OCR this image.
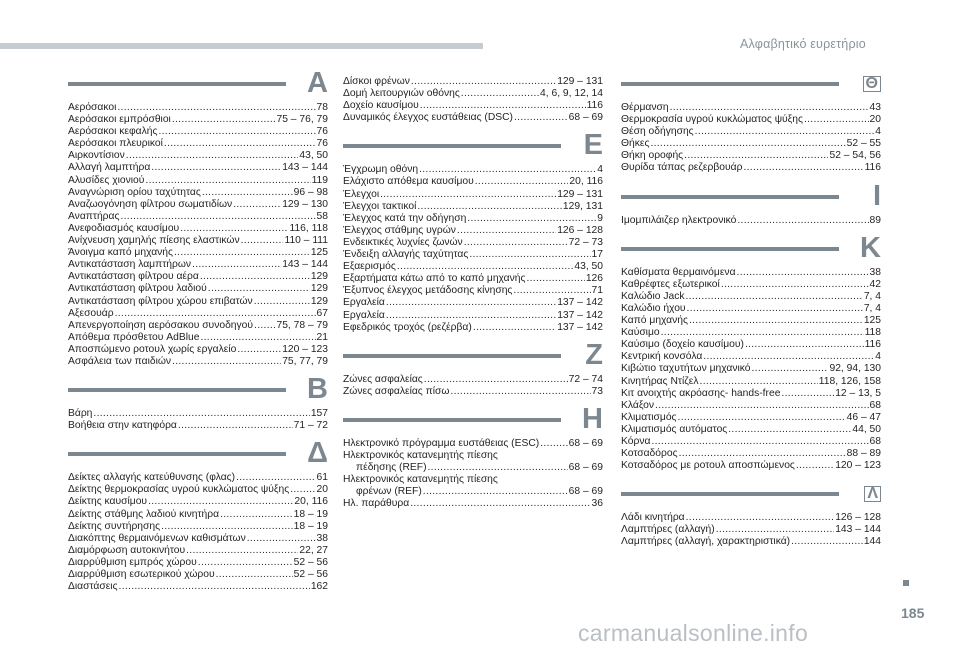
Αλφαβητικό ευρετήριο
A
Αερόσακοι .....	78
Αερόσακοι εμπρόσθιοι .....	75 – 76, 79
Αερόσακοι κεφαλής .....	76
Αερόσακοι πλευρικοί .....	76
Αιρκοντίσιον .....	43, 50
Αλλαγή λαμπτήρα .....	143 – 144
Αλυσίδες χιονιού .....	119
Αναγνώριση ορίου ταχύτητας .....	96 – 98
Αναζωογόνηση φίλτρου σωματιδίων .....	129 – 130
Αναπτήρας .....	58
Ανεφοδιασμός καυσίμου .....	116, 118
Ανίχνευση χαμηλής πίεσης ελαστικών .....	110 – 111
Άνοιγμα καπό μηχανής .....	125
Αντικατάσταση λαμπτήρων .....	143 – 144
Αντικατάσταση φίλτρου αέρα .....	129
Αντικατάσταση φίλτρου λαδιού .....	129
Αντικατάσταση φίλτρου χώρου επιβατών .....	129
Αξεσουάρ .....	67
Απενεργοποίηση αερόσακου συνοδηγού ..... 75, 78 – 79
Απόθεμα πρόσθετου AdBlue .....	21
Αποσπώμενο ροτουλ χωρίς εργαλείο .....	120 – 123
Ασφάλεια των παιδιών .....	75, 77, 79
B
Βάρη .....	157
Βοήθεια στην κατηφόρα .....	71 – 72
Δ
Δείκτες αλλαγής κατεύθυνσης (φλας) .....	61
Δείκτης θερμοκρασίας υγρού κυκλώματος ψύξης .....	20
Δείκτης καυσίμου .....	20, 116
Δείκτης στάθμης λαδιού κινητήρα .....	18 – 19
Δείκτης συντήρησης .....	18 – 19
Διακόπτης θερμαινόμενων καθισμάτων .....	38
Διαμόρφωση αυτοκινήτου .....	22, 27
Διαρρύθμιση εμπρός χώρου .....	52 – 56
Διαρρύθμιση εσωτερικού χώρου .....	52 – 56
Διαστάσεις .....	162
Δίσκοι φρένων .....	129 – 131
Δομή λειτουργιών οθόνης .....	4, 6, 9, 12, 14
Δοχείο καυσίμου .....	116
Δυναμικός έλεγχος ευστάθειας (DSC) .....	68 – 69
E
Έγχρωμη οθόνη .....	4
Ελάχιστο απόθεμα καυσίμου .....	20, 116
Έλεγχοι .....	129 – 131
Έλεγχοι τακτικοί .....	129, 131
Έλεγχος κατά την οδήγηση .....	9
Έλεγχος στάθμης υγρών .....	126 – 128
Ενδεικτικές λυχνίες ζωνών .....	72 – 73
Ένδειξη αλλαγής ταχύτητας .....	17
Εξαερισμός .....	43, 50
Εξαρτήματα κάτω από το καπό μηχανής .....	126
Έξυπνος έλεγχος μετάδοσης κίνησης .....	71
Εργαλεία .....	137 – 142
Εργαλεία .....	137 – 142
Εφεδρικός τροχός (ρεζέρβα) .....	137 – 142
Z
Ζώνες ασφαλείας .....	72 – 74
Ζώνες ασφαλείας πίσω .....	73
H
Ηλεκτρονικό πρόγραμμα ευστάθειας (ESC) .....	68 – 69
Ηλεκτρονικός κατανεμητής πίεσης
πέδησης (REF) .....	68 – 69
Ηλεκτρονικός κατανεμητής πίεσης
φρένων (REF) .....	68 – 69
Ηλ. παράθυρα .....	36
Θ
Θέρμανση .....	43
Θερμοκρασία υγρού κυκλώματος ψύξης .....	20
Θέση οδήγησης .....	4
Θήκες .....	52 – 55
Θήκη οροφής .....	52 – 54, 56
Θυρίδα τάπας ρεζερβουάρ .....	116
I
Ιμομπιλάιζερ ηλεκτρονικό .....	89
K
Καθίσματα θερμαινόμενα .....	38
Καθρέφτες εξωτερικοί .....	42
Καλώδιο Jack .....	7, 4
Καλώδιο ήχου .....	7, 4
Καπό μηχανής .....	125
Καύσιμο .....	118
Καύσιμο (δοχείο καυσίμου) .....	116
Κεντρική κονσόλα .....	4
Κιβώτιο ταχυτήτων μηχανικό .....	92, 94, 130
Κινητήρας Ντίζελ .....	118, 126, 158
Κιτ ανοιχτής ακρόασης- hands-free .....	12 – 13, 5
Κλάξον .....	68
Κλιματισμός .....	46 – 47
Κλιματισμός αυτόματος .....	44, 50
Κόρνα .....	68
Κοτσαδόρος .....	88 – 89
Κοτσαδόρος με ροτουλ αποσπώμενος .....	120 – 123
Λ
Λάδι κινητήρα .....	126 – 128
Λαμπτήρες (αλλαγή) .....	143 – 144
Λαμπτήρες (αλλαγή, χαρακτηριστικά) .....	144
185
carmanualsonline.info
